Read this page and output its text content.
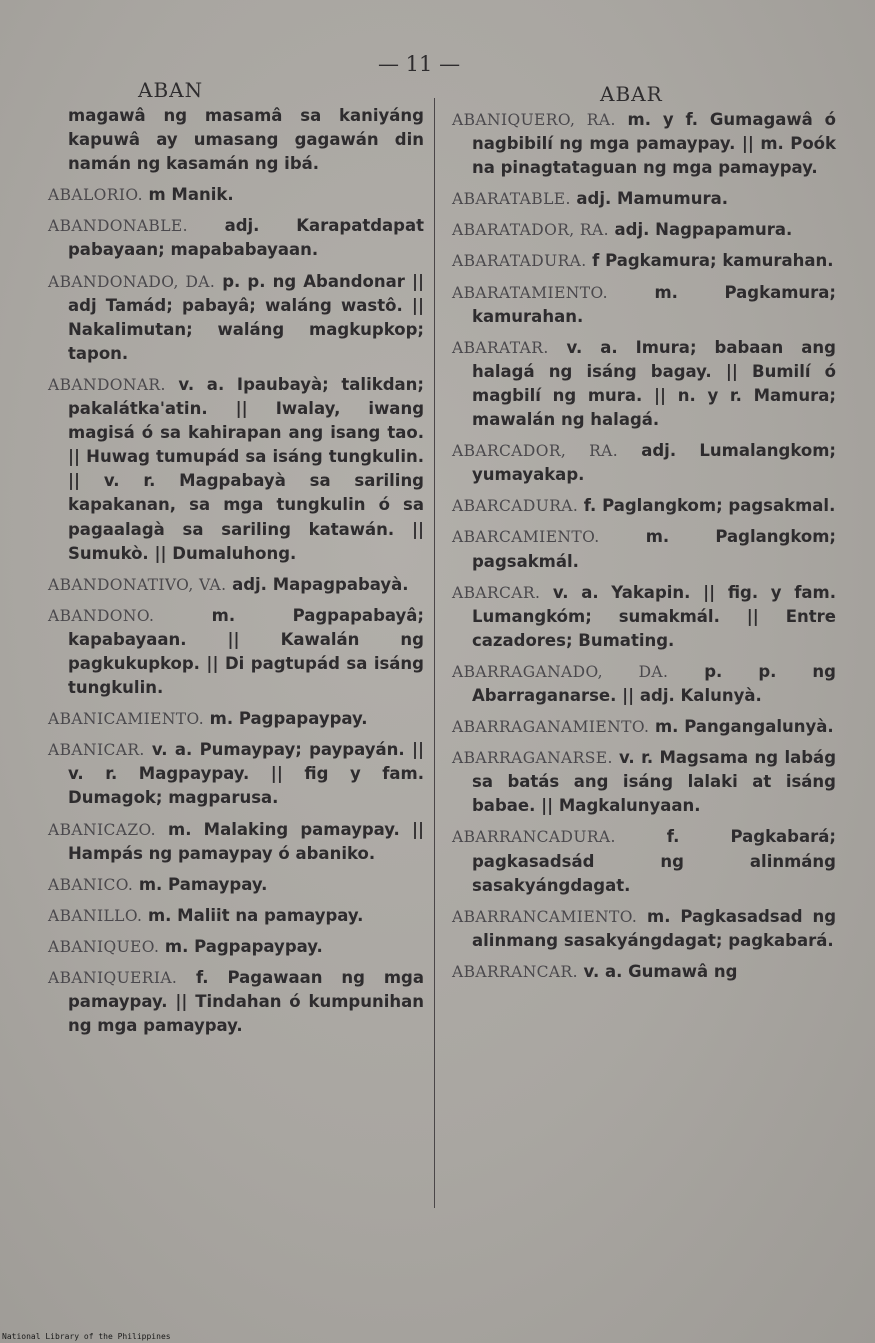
ABAN
— 11 —
ABAR

magawâ ng masamâ sa kaniyáng kapuwâ ay umasang gagawán din namán ng kasamán ng ibá.

ABALORIO. m Manik.

ABANDONABLE. adj. Karapatdapat pabayaan; mapababayaan.

ABANDONADO, DA. p. p. ng Abandonar || adj Tamád; pabayâ; waláng wastô. || Nakalimutan; waláng magkupkop; tapon.

ABANDONAR. v. a. Ipaubayà; talikdan; pakalátka'atin. || Iwalay, iwang magisá ó sa kahirapan ang isang tao. || Huwag tumupád sa isáng tungkulin. || v. r. Magpabayà sa sariling kapakanan, sa mga tungkulin ó sa pagaalagà sa sariling katawán. || Sumukò. || Dumaluhong.

ABANDONATIVO, VA. adj. Mapagpabayà.

ABANDONO.	m. Pagpapabayâ; kapabayaan. || Kawalán ng pagkukupkop. || Di pagtupád sa isáng tungkulin.

ABANICAMIENTO. m. Pagpapaypay.

ABANICAR. v. a. Pumaypay; paypayán. || v. r. Magpaypay. || fig y fam. Dumagok; magparusa.

ABANICAZO. m. Malaking pamaypay. || Hampás ng pamaypay ó abaniko.

ABANICO. m. Pamaypay.

ABANILLO. m. Maliit na pamaypay.

ABANIQUEO. m. Pagpapaypay.

ABANIQUERIA. f. Pagawaan ng mga pamaypay. || Tindahan ó kumpunihan ng mga pamaypay.

ABANIQUERO, RA. m. y f. Gumagawâ ó nagbibilí ng mga pamaypay. || m. Poók na pinagtataguan ng mga pamaypay.

ABARATABLE. adj. Mamumura.

ABARATADOR, RA. adj. Nagpapamura.

ABARATADURA. f Pagkamura; kamurahan.

ABARATAMIENTO.	m. Pagkamura; kamurahan.

ABARATAR. v. a. Imura; babaan ang halagá ng isáng bagay. || Bumilí ó magbilí ng mura. || n. y r. Mamura; mawalán ng halagá.

ABARCADOR, RA. adj. Lumalangkom; yumayakap.

ABARCADURA. f. Paglangkom; pagsakmal.

ABARCAMIENTO.	m. Paglangkom; pagsakmál.

ABARCAR. v. a. Yakapin. || fig. y fam. Lumangkóm; sumakmál. || Entre cazadores; Bumating.

ABARRAGANADO, DA. p. p. ng Abarraganarse. || adj. Kalunyà.

ABARRAGANAMIENTO. m. Pangangalunyà.

ABARRAGANARSE. v. r. Magsama ng labág sa batás ang isáng lalaki at isáng babae. || Magkalunyaan.

ABARRANCADURA.	f. Pagkabará; pagkasadsád ng alinmáng sasakyángdagat.

ABARRANCAMIENTO. m. Pagkasadsad ng alinmang sasakyángdagat; pagkabará.

ABARRANCAR. v. a. Gumawâ ng

National Library of the Philippines
